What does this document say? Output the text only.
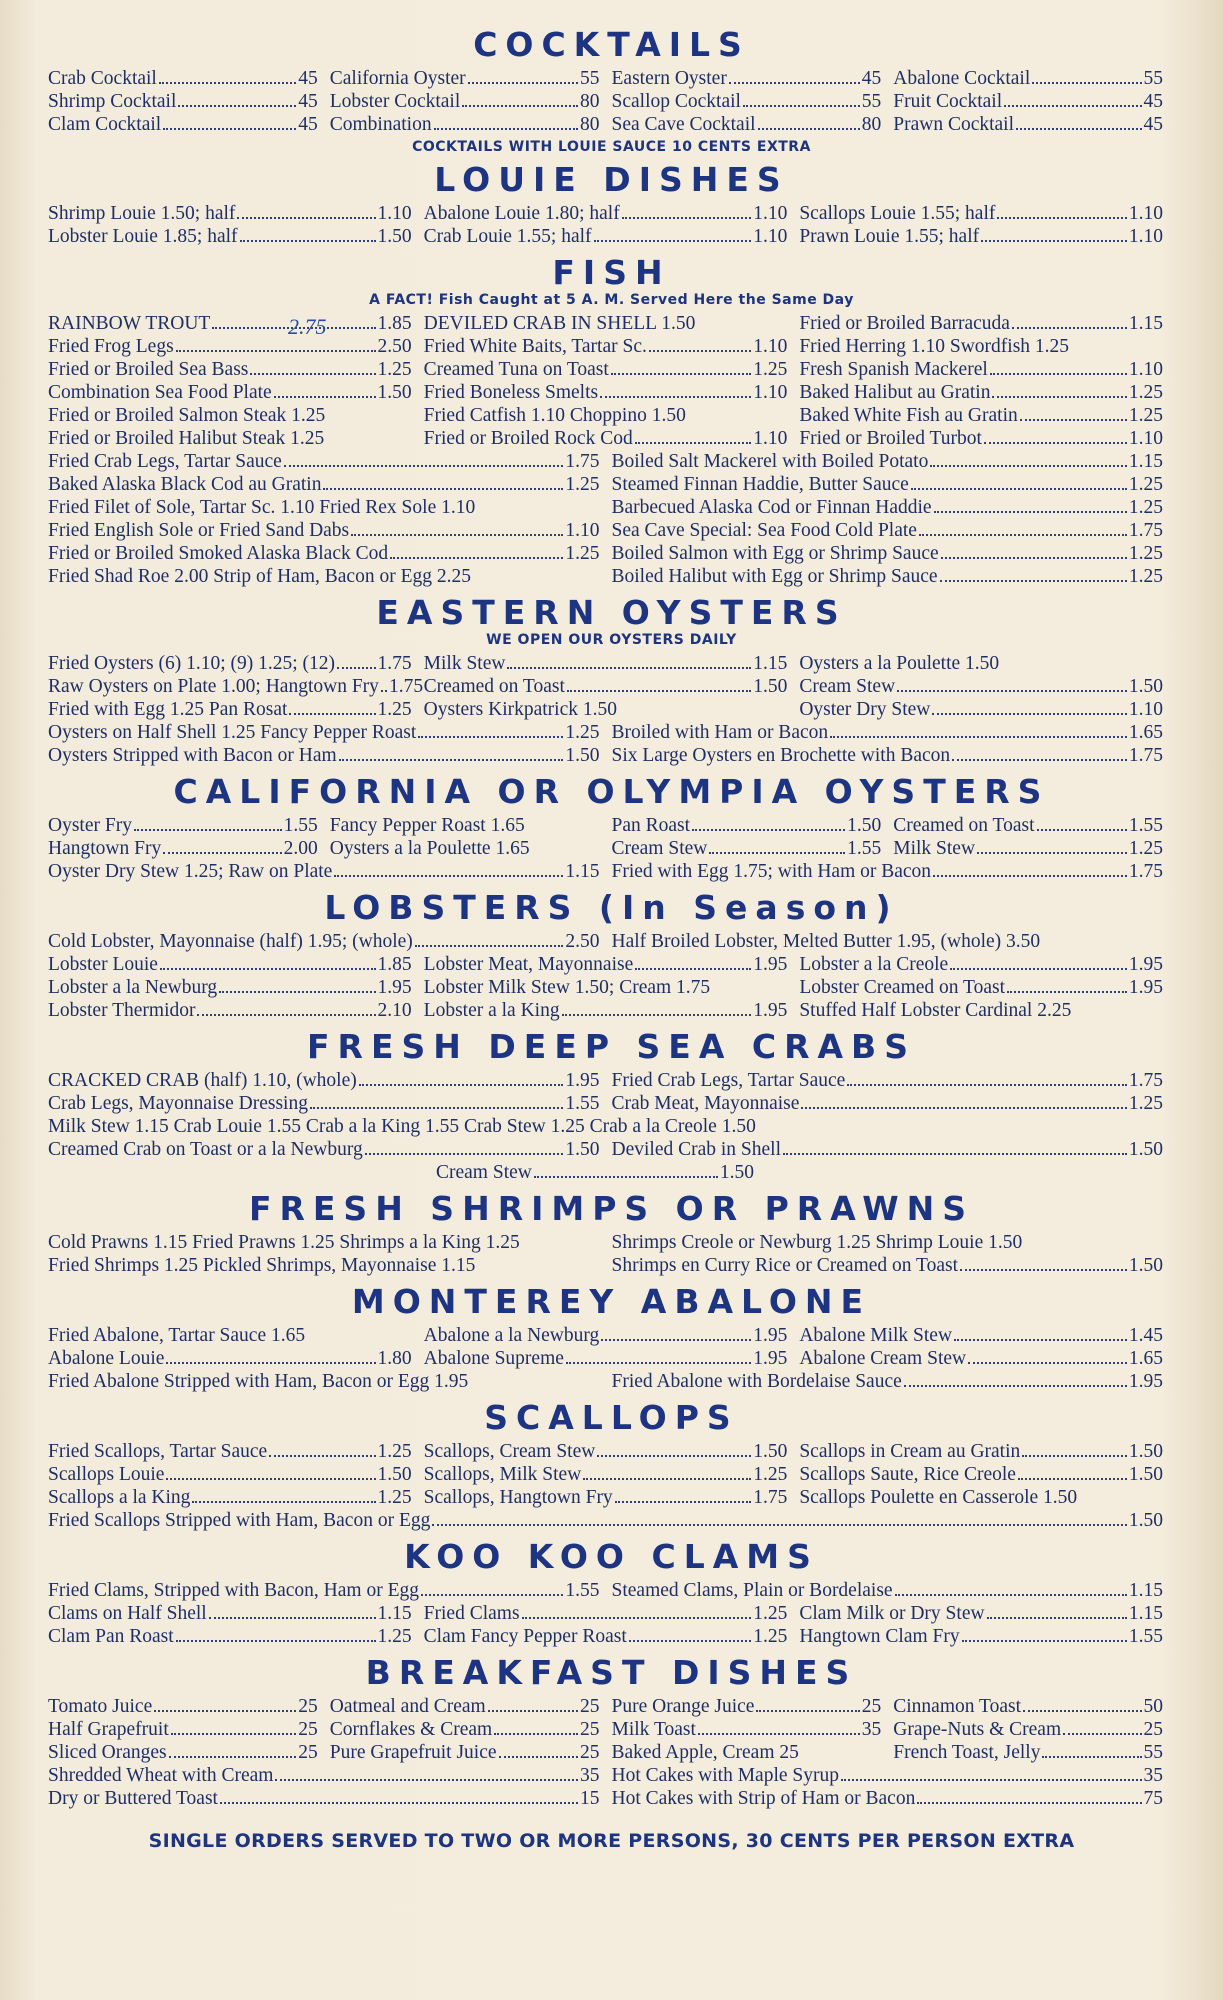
COCKTAILS
Crab Cocktail	45 California Oyster	55 Eastern Oyster	45 Abalone Cocktail	55
Shrimp Cocktail	45 Lobster Cocktail	80 Scallop Cocktail	55 Fruit Cocktail	45
Clam Cocktail	45 Combination	80 Sea Cave Cocktail	80 Prawn Cocktail	45
COCKTAILS WITH LOUIE SAUCE 10 CENTS EXTRA
LOUIE DISHES
Shrimp Louie 1.50; half	1.10 Abalone Louie 1.80; half	1.10 Scallops Louie 1.55; half	1.10
Lobster Louie 1.85; half	1.50 Crab Louie 1.55; half	1.10 Prawn Louie 1.55; half	1.10
FISH
A FACT! Fish Caught at 5 A. M. Served Here the Same Day
RAINBOW TROUT	1.85 DEVILED CRAB IN SHELL 1.50	Fried or Broiled Barracuda	1.15
Fried Frog Legs	2.50 Fried White Baits, Tartar Sc.	1.10 Fried Herring 1.10 Swordfish 1.25
Fried or Broiled Sea Bass	1.25 Creamed Tuna on Toast	1.25 Fresh Spanish Mackerel	1.10
Combination Sea Food Plate	1.50 Fried Boneless Smelts	1.10 Baked Halibut au Gratin	1.25
Fried or Broiled Salmon Steak 1.25	Fried Catfish 1.10 Choppino 1.50	Baked White Fish au Gratin	1.25
Fried or Broiled Halibut Steak 1.25	Fried or Broiled Rock Cod	1.10 Fried or Broiled Turbot	1.10
Fried Crab Legs, Tartar Sauce	1.75 Boiled Salt Mackerel with Boiled Potato	1.15
Baked Alaska Black Cod au Gratin	1.25 Steamed Finnan Haddie, Butter Sauce	1.25
Fried Filet of Sole, Tartar Sc. 1.10 Fried Rex Sole 1.10	Barbecued Alaska Cod or Finnan Haddie	1.25
Fried English Sole or Fried Sand Dabs	1.10 Sea Cave Special: Sea Food Cold Plate	1.75
Fried or Broiled Smoked Alaska Black Cod	1.25 Boiled Salmon with Egg or Shrimp Sauce	1.25
Fried Shad Roe 2.00 Strip of Ham, Bacon or Egg 2.25	Boiled Halibut with Egg or Shrimp Sauce	1.25
2.75
EASTERN OYSTERS
WE OPEN OUR OYSTERS DAILY
Fried Oysters (6) 1.10; (9) 1.25; (12) 1.75 Milk Stew	1.15 Oysters a la Poulette 1.50
Raw Oysters on Plate 1.00; Hangtown Fry 1.75 Creamed on Toast	1.50 Cream Stew	1.50
Fried with Egg 1.25 Pan Rosat	1.25 Oysters Kirkpatrick 1.50	Oyster Dry Stew	1.10
Oysters on Half Shell 1.25 Fancy Pepper Roast	1.25 Broiled with Ham or Bacon	1.65
Oysters Stripped with Bacon or Ham	1.50 Six Large Oysters en Brochette with Bacon	1.75
CALIFORNIA OR OLYMPIA OYSTERS
Oyster Fry	1.55 Fancy Pepper Roast 1.65	Pan Roast	1.50 Creamed on Toast	1.55
Hangtown Fry	2.00 Oysters a la Poulette 1.65	Cream Stew	1.55 Milk Stew	1.25
Oyster Dry Stew 1.25; Raw on Plate	1.15 Fried with Egg 1.75; with Ham or Bacon	1.75
LOBSTERS (In Season)
Cold Lobster, Mayonnaise (half) 1.95; (whole)	2.50 Half Broiled Lobster, Melted Butter 1.95, (whole) 3.50
Lobster Louie	1.85 Lobster Meat, Mayonnaise	1.95 Lobster a la Creole	1.95
Lobster a la Newburg	1.95 Lobster Milk Stew 1.50; Cream 1.75	Lobster Creamed on Toast	1.95
Lobster Thermidor	2.10 Lobster a la King	1.95 Stuffed Half Lobster Cardinal 2.25
FRESH DEEP SEA CRABS
CRACKED CRAB (half) 1.10, (whole)	1.95 Fried Crab Legs, Tartar Sauce	1.75
Crab Legs, Mayonnaise Dressing	1.55 Crab Meat, Mayonnaise	1.25
Milk Stew 1.15 Crab Louie 1.55 Crab a la King 1.55 Crab Stew 1.25 Crab a la Creole 1.50
Creamed Crab on Toast or a la Newburg	1.50 Deviled Crab in Shell	1.50
Cream Stew	1.50
FRESH SHRIMPS OR PRAWNS
Cold Prawns 1.15 Fried Prawns 1.25 Shrimps a la King 1.25	Shrimps Creole or Newburg 1.25 Shrimp Louie 1.50
Fried Shrimps 1.25 Pickled Shrimps, Mayonnaise 1.15	Shrimps en Curry Rice or Creamed on Toast	1.50
MONTEREY ABALONE
Fried Abalone, Tartar Sauce 1.65	Abalone a la Newburg	1.95 Abalone Milk Stew	1.45
Abalone Louie	1.80 Abalone Supreme	1.95 Abalone Cream Stew	1.65
Fried Abalone Stripped with Ham, Bacon or Egg 1.95	Fried Abalone with Bordelaise Sauce	1.95
SCALLOPS
Fried Scallops, Tartar Sauce	1.25 Scallops, Cream Stew	1.50 Scallops in Cream au Gratin	1.50
Scallops Louie	1.50 Scallops, Milk Stew	1.25 Scallops Saute, Rice Creole	1.50
Scallops a la King	1.25 Scallops, Hangtown Fry	1.75 Scallops Poulette en Casserole 1.50
Fried Scallops Stripped with Ham, Bacon or Egg	1.50
KOO KOO CLAMS
Fried Clams, Stripped with Bacon, Ham or Egg	1.55 Steamed Clams, Plain or Bordelaise	1.15
Clams on Half Shell	1.15 Fried Clams	1.25 Clam Milk or Dry Stew	1.15
Clam Pan Roast	1.25 Clam Fancy Pepper Roast	1.25 Hangtown Clam Fry	1.55
BREAKFAST DISHES
Tomato Juice	25 Oatmeal and Cream	25 Pure Orange Juice	25 Cinnamon Toast	50
Half Grapefruit	25 Cornflakes & Cream	25 Milk Toast	35 Grape-Nuts & Cream	25
Sliced Oranges	25 Pure Grapefruit Juice	25 Baked Apple, Cream 25	French Toast, Jelly	55
Shredded Wheat with Cream	35 Hot Cakes with Maple Syrup	35
Dry or Buttered Toast	15 Hot Cakes with Strip of Ham or Bacon	75
SINGLE ORDERS SERVED TO TWO OR MORE PERSONS, 30 CENTS PER PERSON EXTRA
